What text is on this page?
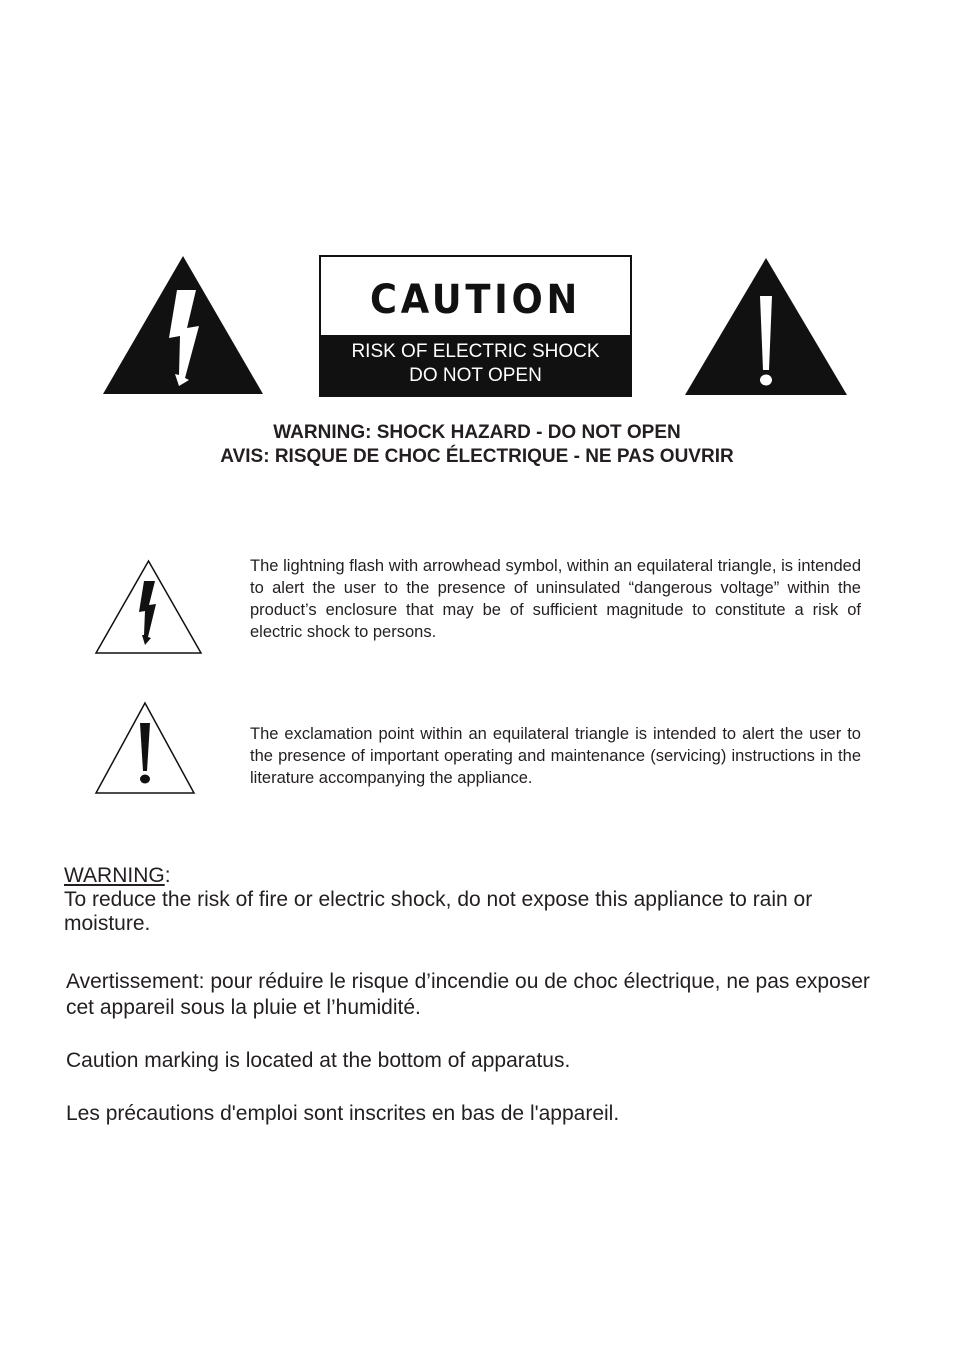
CAUTION
RISK OF ELECTRIC SHOCK
DO NOT OPEN
WARNING: SHOCK HAZARD - DO NOT OPEN
AVIS: RISQUE DE CHOC ÉLECTRIQUE - NE PAS OUVRIR
The lightning flash with arrowhead symbol, within an equilateral triangle, is intended to alert the user to the presence of uninsulated “dangerous voltage” within the product’s enclosure that may be of sufficient magnitude to constitute a risk of electric shock to persons.
The exclamation point within an equilateral triangle is intended to alert the user to the presence of important operating and maintenance (servicing) instructions in the literature accompanying the appliance.
WARNING:
To reduce the risk of fire or electric shock, do not expose this appliance to rain or moisture.
Avertissement: pour réduire le risque d’incendie ou de choc électrique, ne pas exposer cet appareil sous la pluie et l’humidité.
Caution marking is located at the bottom of apparatus.
Les précautions d'emploi sont inscrites en bas de l'appareil.
